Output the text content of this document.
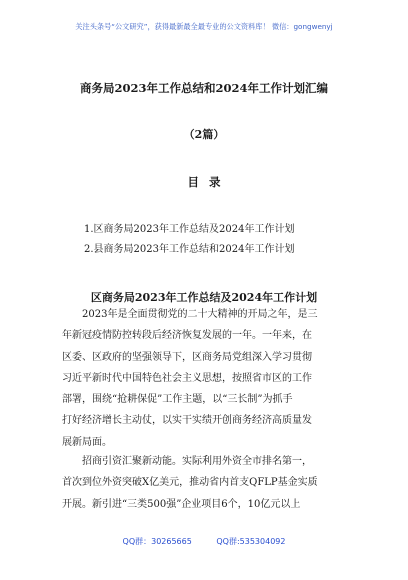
关注头条号“公文研究”，获得最新最全最专业的公文资料库！ 微信：gongwenyj
商务局2023年工作总结和2024年工作计划汇编
（2篇）
目录
1.区商务局2023年工作总结及2024年工作计划
2.县商务局2023年工作总结和2024年工作计划
区商务局2023年工作总结及2024年工作计划
2023年是全面贯彻党的二十大精神的开局之年，是三
年新冠疫情防控转段后经济恢复发展的一年。一年来，在
区委、区政府的坚强领导下，区商务局党组深入学习贯彻
习近平新时代中国特色社会主义思想，按照省市区的工作
部署，围绕“抢耕保促”工作主题，以“三长制”为抓手
打好经济增长主动仗，以实干实绩开创商务经济高质量发
展新局面。
招商引资汇聚新动能。实际利用外资全市排名第一，
首次到位外资突破X亿美元，推动省内首支QFLP基金实质
开展。新引进“三类500强”企业项目6个，10亿元以上
QQ群：30265665	QQ群:535304092
